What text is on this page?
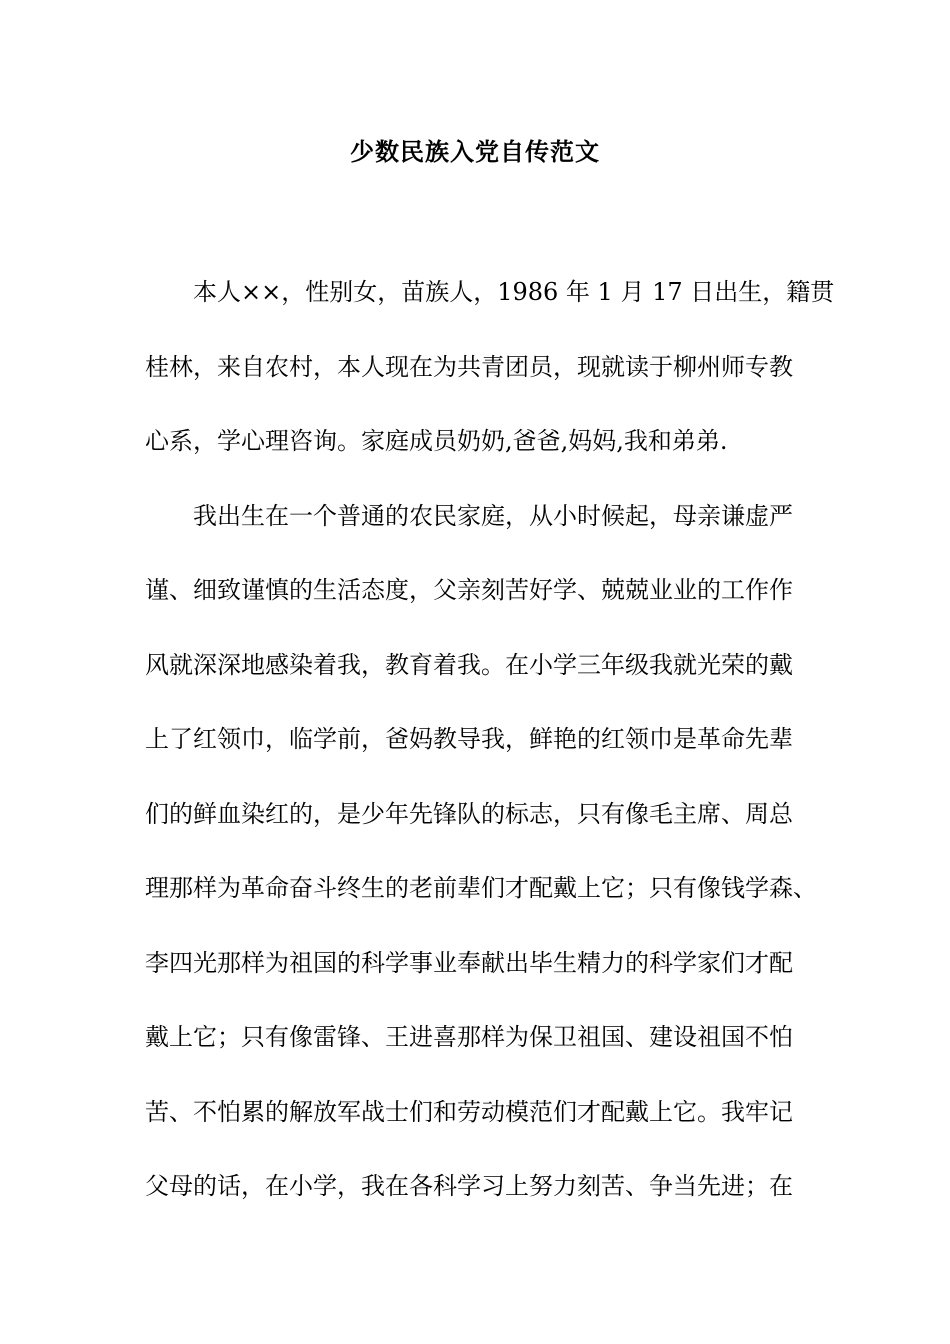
少数民族入党自传范文
本人××，性别女，苗族人，1986 年 1 月 17 日出生，籍贯
桂林，来自农村，本人现在为共青团员，现就读于柳州师专教
心系，学心理咨询。家庭成员奶奶,爸爸,妈妈,我和弟弟.
我出生在一个普通的农民家庭，从小时候起，母亲谦虚严
谨、细致谨慎的生活态度，父亲刻苦好学、兢兢业业的工作作
风就深深地感染着我，教育着我。在小学三年级我就光荣的戴
上了红领巾，临学前，爸妈教导我，鲜艳的红领巾是革命先辈
们的鲜血染红的，是少年先锋队的标志，只有像毛主席、周总
理那样为革命奋斗终生的老前辈们才配戴上它；只有像钱学森、
李四光那样为祖国的科学事业奉献出毕生精力的科学家们才配
戴上它；只有像雷锋、王进喜那样为保卫祖国、建设祖国不怕
苦、不怕累的解放军战士们和劳动模范们才配戴上它。我牢记
父母的话，在小学，我在各科学习上努力刻苦、争当先进；在
